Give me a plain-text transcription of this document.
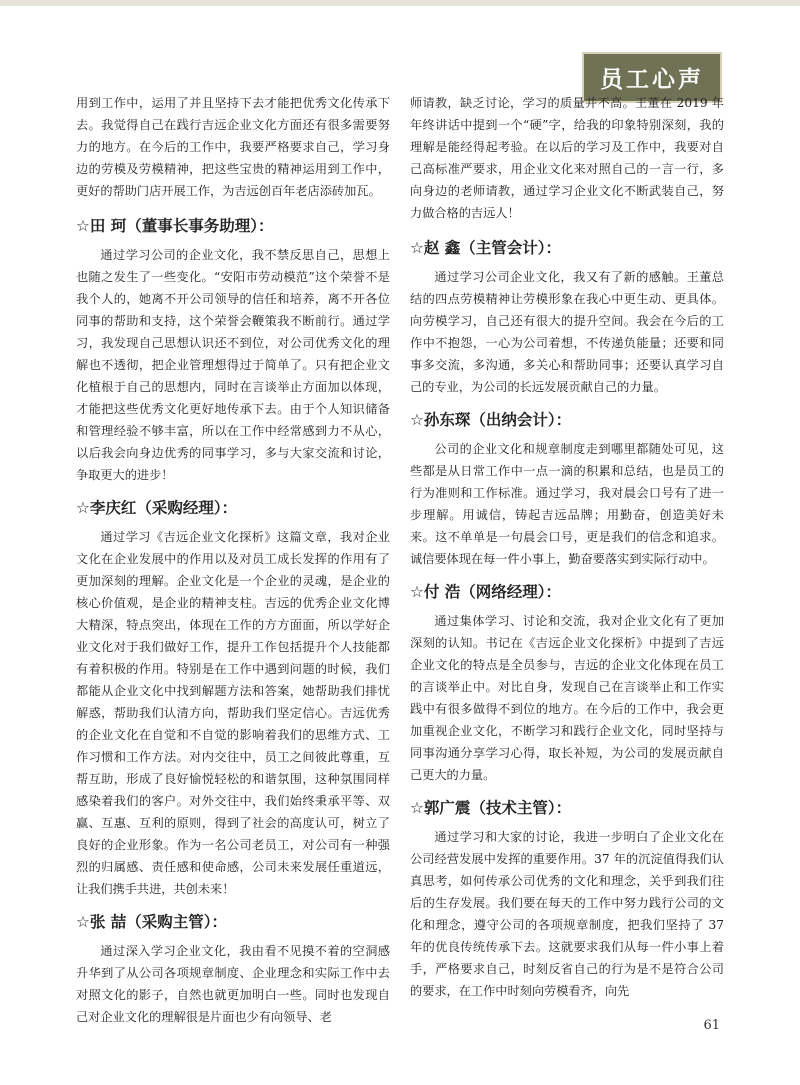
员工心声

用到工作中，运用了并且坚持下去才能把优秀文化传承下去。我觉得自己在践行吉远企业文化方面还有很多需要努力的地方。在今后的工作中，我要严格要求自己，学习身边的劳模及劳模精神，把这些宝贵的精神运用到工作中，更好的帮助门店开展工作，为吉远创百年老店添砖加瓦。

☆田 珂（董事长事务助理）：

通过学习公司的企业文化，我不禁反思自己，思想上也随之发生了一些变化。“安阳市劳动模范”这个荣誉不是我个人的，她离不开公司领导的信任和培养，离不开各位同事的帮助和支持，这个荣誉会鞭策我不断前行。通过学习，我发现自己思想认识还不到位，对公司优秀文化的理解也不透彻，把企业管理想得过于简单了。只有把企业文化植根于自己的思想内，同时在言谈举止方面加以体现，才能把这些优秀文化更好地传承下去。由于个人知识储备和管理经验不够丰富，所以在工作中经常感到力不从心，以后我会向身边优秀的同事学习，多与大家交流和讨论，争取更大的进步！

☆李庆红（采购经理）：

通过学习《吉远企业文化探析》这篇文章，我对企业文化在企业发展中的作用以及对员工成长发挥的作用有了更加深刻的理解。企业文化是一个企业的灵魂，是企业的核心价值观，是企业的精神支柱。吉远的优秀企业文化博大精深，特点突出，体现在工作的方方面面，所以学好企业文化对于我们做好工作，提升工作包括提升个人技能都有着积极的作用。特别是在工作中遇到问题的时候，我们都能从企业文化中找到解题方法和答案，她帮助我们排忧解惑，帮助我们认清方向，帮助我们坚定信心。吉远优秀的企业文化在自觉和不自觉的影响着我们的思维方式、工作习惯和工作方法。对内交往中，员工之间彼此尊重，互帮互助，形成了良好愉悦轻松的和谐氛围，这种氛围同样感染着我们的客户。对外交往中，我们始终秉承平等、双赢、互惠、互利的原则，得到了社会的高度认可，树立了良好的企业形象。作为一名公司老员工，对公司有一种强烈的归属感、责任感和使命感，公司未来发展任重道远，让我们携手共进，共创未来！

☆张 喆（采购主管）：

通过深入学习企业文化，我由看不见摸不着的空洞感升华到了从公司各项规章制度、企业理念和实际工作中去对照文化的影子，自然也就更加明白一些。同时也发现自己对企业文化的理解很是片面也少有向领导、老

师请教，缺乏讨论，学习的质量并不高。王董在 2019 年年终讲话中提到一个“硬”字，给我的印象特别深刻，我的理解是能经得起考验。在以后的学习及工作中，我要对自己高标准严要求，用企业文化来对照自己的一言一行，多向身边的老师请教，通过学习企业文化不断武装自己，努力做合格的吉远人！

☆赵 鑫（主管会计）：

通过学习公司企业文化，我又有了新的感触。王董总结的四点劳模精神让劳模形象在我心中更生动、更具体。向劳模学习，自己还有很大的提升空间。我会在今后的工作中不抱怨，一心为公司着想，不传递负能量；还要和同事多交流，多沟通，多关心和帮助同事；还要认真学习自己的专业，为公司的长远发展贡献自己的力量。

☆孙东琛（出纳会计）：

公司的企业文化和规章制度走到哪里都随处可见，这些都是从日常工作中一点一滴的积累和总结，也是员工的行为准则和工作标准。通过学习，我对晨会口号有了进一步理解。用诚信，铸起吉远品牌；用勤奋，创造美好未来。这不单单是一句晨会口号，更是我们的信念和追求。诚信要体现在每一件小事上，勤奋要落实到实际行动中。

☆付 浩（网络经理）：

通过集体学习、讨论和交流，我对企业文化有了更加深刻的认知。书记在《吉远企业文化探析》中提到了吉远企业文化的特点是全员参与，吉远的企业文化体现在员工的言谈举止中。对比自身，发现自己在言谈举止和工作实践中有很多做得不到位的地方。在今后的工作中，我会更加重视企业文化，不断学习和践行企业文化，同时坚持与同事沟通分享学习心得，取长补短，为公司的发展贡献自己更大的力量。

☆郭广震（技术主管）：

通过学习和大家的讨论，我进一步明白了企业文化在公司经营发展中发挥的重要作用。37 年的沉淀值得我们认真思考，如何传承公司优秀的文化和理念，关乎到我们往后的生存发展。我们要在每天的工作中努力践行公司的文化和理念，遵守公司的各项规章制度，把我们坚持了 37 年的优良传统传承下去。这就要求我们从每一件小事上着手，严格要求自己，时刻反省自己的行为是不是符合公司的要求，在工作中时刻向劳模看齐，向先

61
